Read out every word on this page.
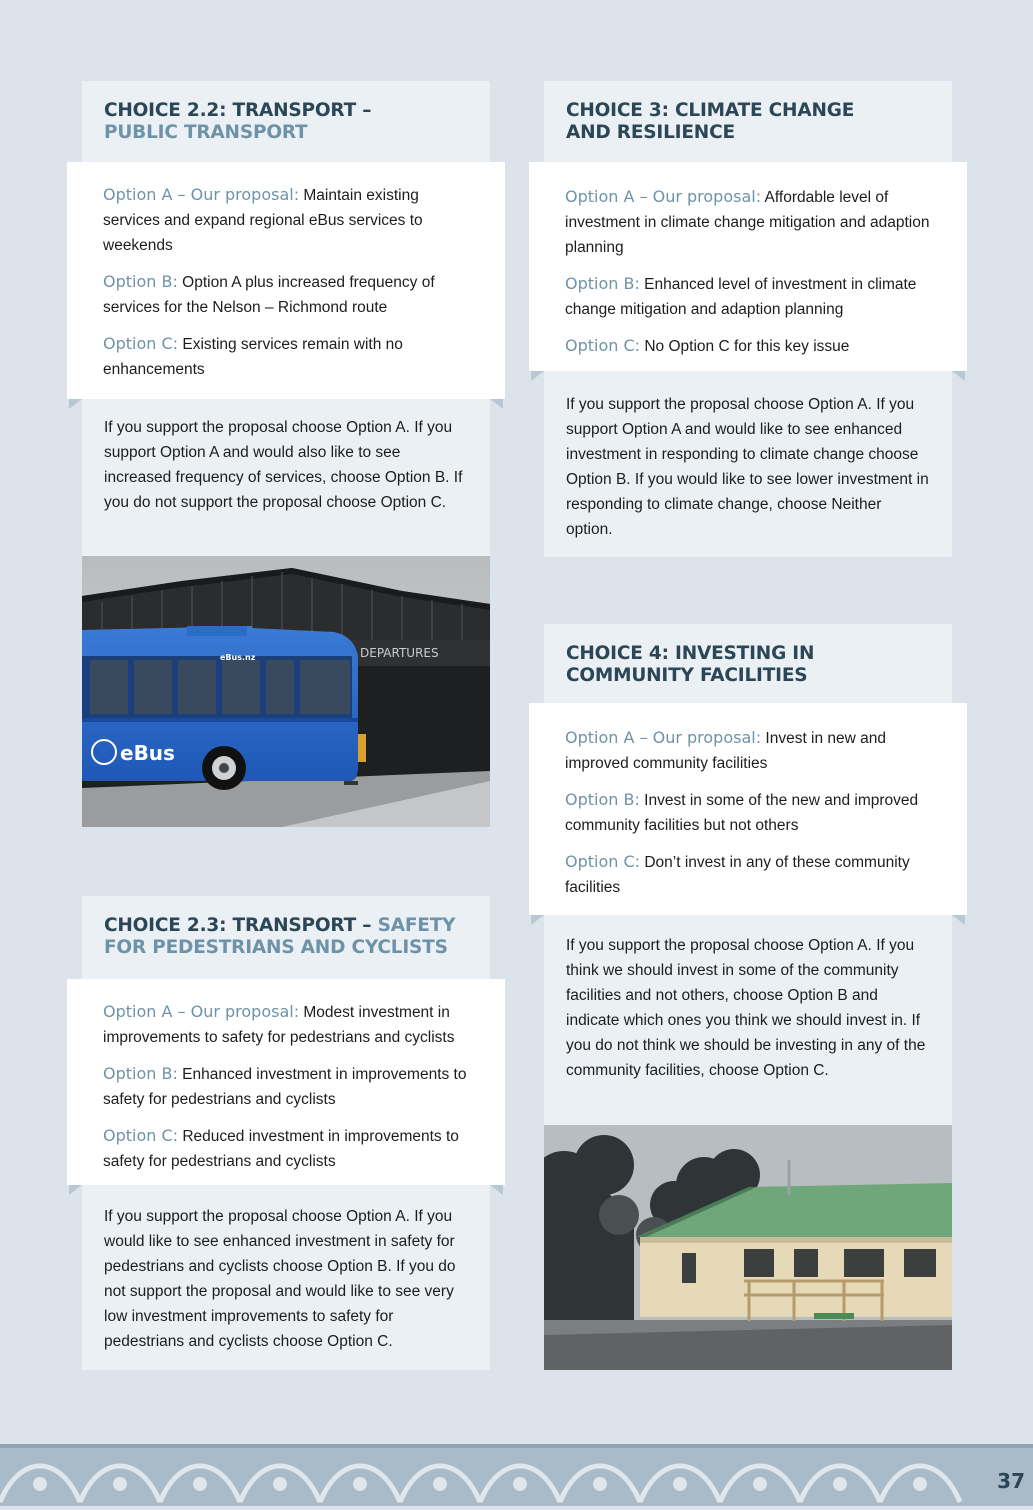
CHOICE 2.2: TRANSPORT –
PUBLIC TRANSPORT

Option A – Our proposal: Maintain existing services and expand regional eBus services to weekends

Option B: Option A plus increased frequency of services for the Nelson – Richmond route

Option C: Existing services remain with no enhancements

If you support the proposal choose Option A. If you support Option A and would also like to see increased frequency of services, choose Option B. If you do not support the proposal choose Option C.

DEPARTURES
eBus
eBus.nz
CHOICE 2.3: TRANSPORT – SAFETY
FOR PEDESTRIANS AND CYCLISTS

Option A – Our proposal: Modest investment in improvements to safety for pedestrians and cyclists

Option B: Enhanced investment in improvements to safety for pedestrians and cyclists

Option C: Reduced investment in improvements to safety for pedestrians and cyclists

If you support the proposal choose Option A. If you would like to see enhanced investment in safety for pedestrians and cyclists choose Option B. If you do not support the proposal and would like to see very low investment improvements to safety for pedestrians and cyclists choose Option C.

CHOICE 3: CLIMATE CHANGE
AND RESILIENCE

Option A – Our proposal: Affordable level of investment in climate change mitigation and adaption planning

Option B: Enhanced level of investment in climate change mitigation and adaption planning

Option C: No Option C for this key issue

If you support the proposal choose Option A. If you support Option A and would like to see enhanced investment in responding to climate change choose Option B. If you would like to see lower investment in responding to climate change, choose Neither option.

CHOICE 4: INVESTING IN
COMMUNITY FACILITIES

Option A – Our proposal: Invest in new and improved community facilities

Option B: Invest in some of the new and improved community facilities but not others

Option C: Don’t invest in any of these community facilities

If you support the proposal choose Option A. If you think we should invest in some of the community facilities and not others, choose Option B and indicate which ones you think we should invest in. If you do not think we should be investing in any of the community facilities, choose Option C.

37
